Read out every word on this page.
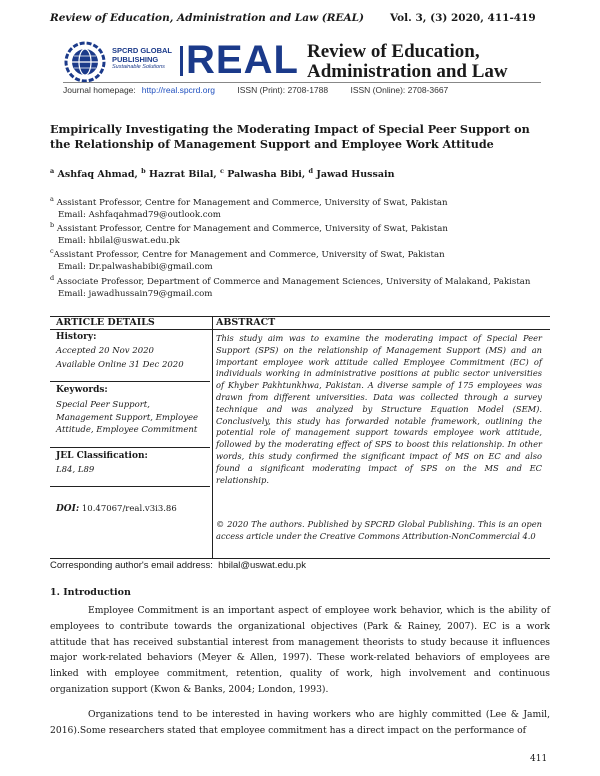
Review of Education, Administration and Law (REAL) Vol. 3, (3) 2020, 411-419
SPCRD GLOBAL
PUBLISHING
Sustainable Solutions REAL Review of Education,
Administration and Law
Journal homepage: http://real.spcrd.org	ISSN (Print): 2708-1788	ISSN (Online): 2708-3667
Empirically Investigating the Moderating Impact of Special Peer Support on the Relationship of Management Support and Employee Work Attitude
$^a$ Ashfaq Ahmad, $^b$ Hazrat Bilal, $^c$ Palwasha Bibi, $^d$ Jawad Hussain
$^a$ Assistant Professor, Centre for Management and Commerce, University of Swat, Pakistan
Email: Ashfaqahmad79@outlook.com
$^b$ Assistant Professor, Centre for Management and Commerce, University of Swat, Pakistan
Email: hbilal@uswat.edu.pk
$^c$Assistant Professor, Centre for Management and Commerce, University of Swat, Pakistan
Email: Dr.palwashabibi@gmail.com
$^d$ Associate Professor, Department of Commerce and Management Sciences, University of Malakand, Pakistan
Email: jawadhussain79@gmail.com
ARTICLE DETAILS	ABSTRACT
History:
Accepted 20 Nov 2020
Available Online 31 Dec 2020
Keywords:
Special Peer Support, Management Support, Employee Attitude, Employee Commitment
JEL Classification:
L84, L89
DOI: 10.47067/real.v3i3.86
This study aim was to examine the moderating impact of Special Peer Support (SPS) on the relationship of Management Support (MS) and an important employee work attitude called Employee Commitment (EC) of individuals working in administrative positions at public sector universities of Khyber Pakhtunkhwa, Pakistan. A diverse sample of 175 employees was drawn from different universities. Data was collected through a survey technique and was analyzed by Structure Equation Model (SEM). Conclusively, this study has forwarded notable framework, outlining the potential role of management support towards employee work attitude, followed by the moderating effect of SPS to boost this relationship. In other words, this study confirmed the significant impact of MS on EC and also found a significant moderating impact of SPS on the MS and EC relationship.
© 2020 The authors. Published by SPCRD Global Publishing. This is an open access article under the Creative Commons Attribution-NonCommercial 4.0
Corresponding author's email address: hbilal@uswat.edu.pk
1. Introduction
Employee Commitment is an important aspect of employee work behavior, which is the ability of employees to contribute towards the organizational objectives (Park & Rainey, 2007). EC is a work attitude that has received substantial interest from management theorists to study because it influences major work-related behaviors (Meyer & Allen, 1997). These work-related behaviors of employees are linked with employee commitment, retention, quality of work, high involvement and continuous organization support (Kwon & Banks, 2004; London, 1993).
Organizations tend to be interested in having workers who are highly committed (Lee & Jamil, 2016).Some researchers stated that employee commitment has a direct impact on the performance of
411
